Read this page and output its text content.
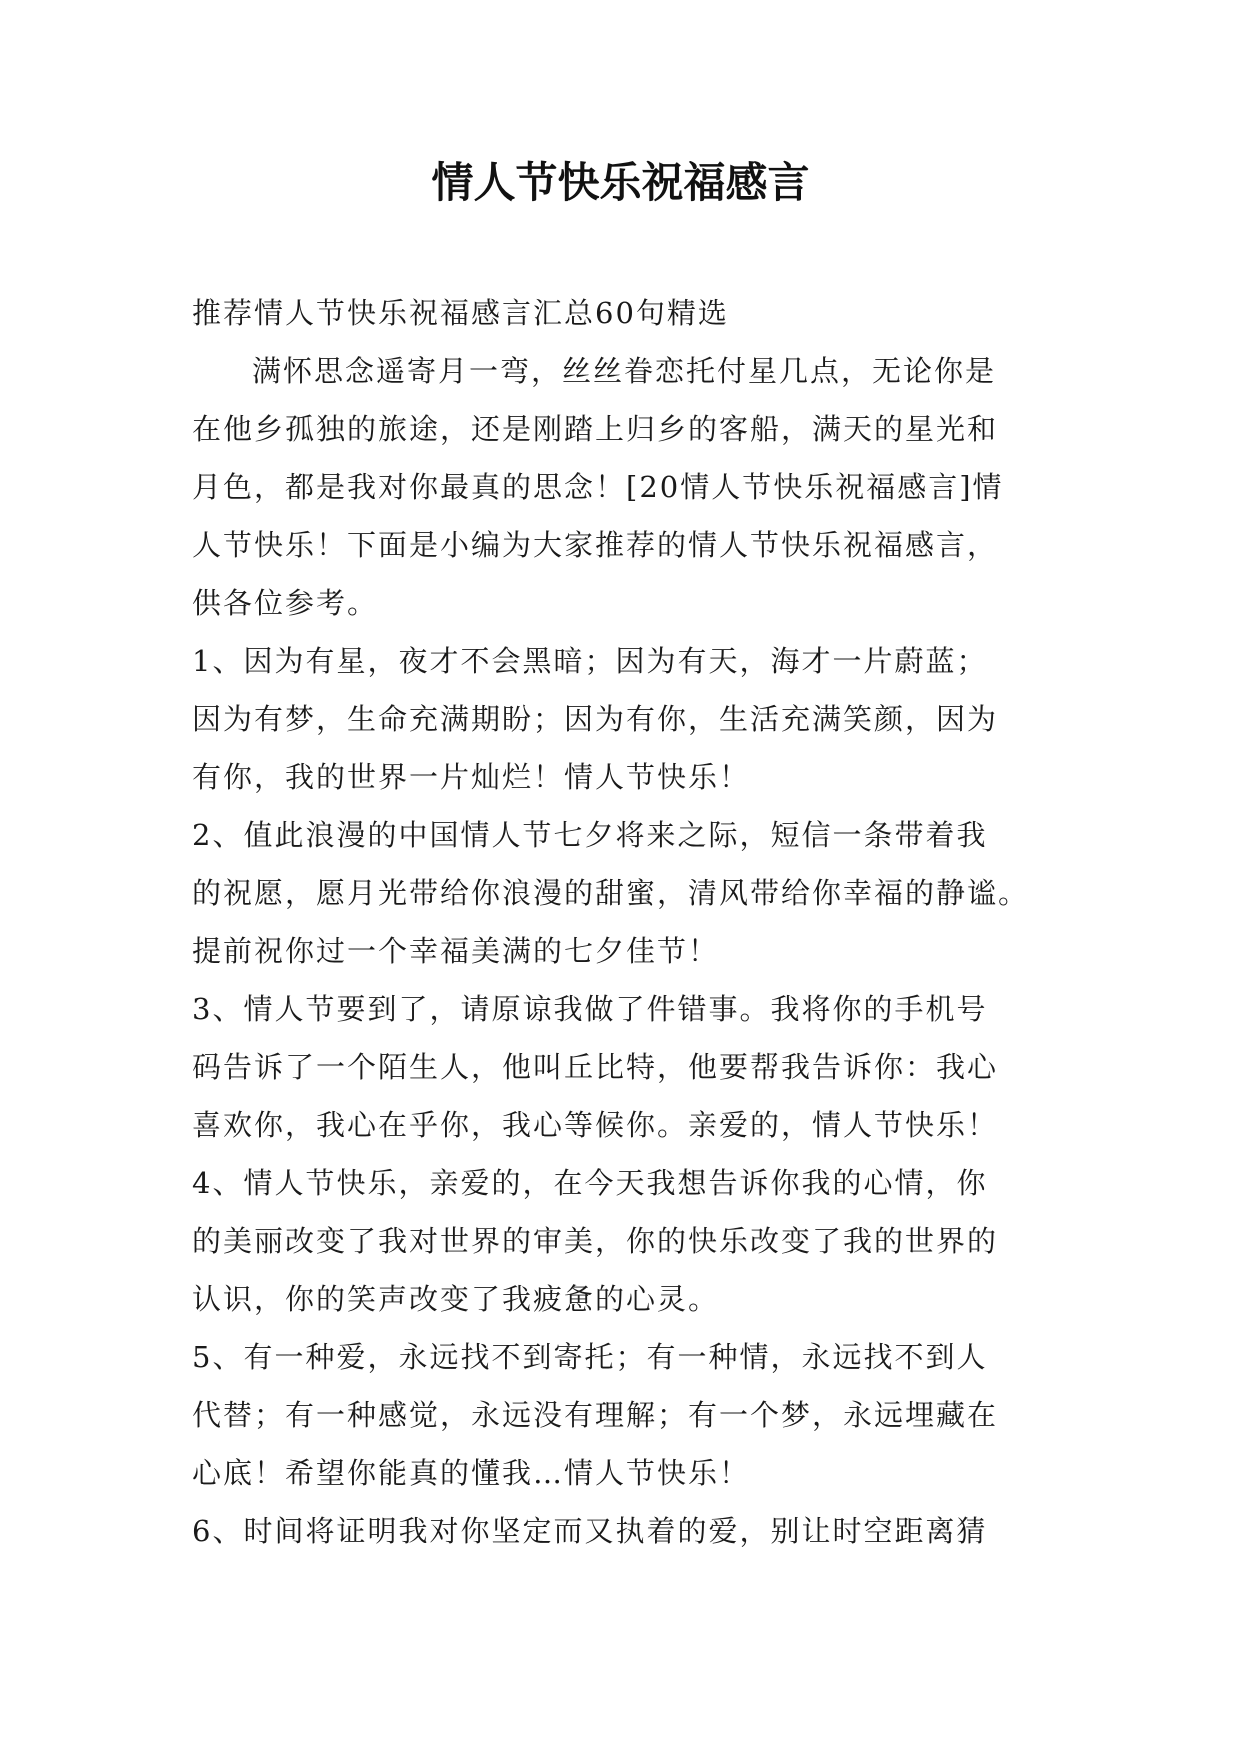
情人节快乐祝福感言
推荐情人节快乐祝福感言汇总60句精选
满怀思念遥寄月一弯，丝丝眷恋托付星几点，无论你是
在他乡孤独的旅途，还是刚踏上归乡的客船，满天的星光和
月色，都是我对你最真的思念！[20情人节快乐祝福感言]情
人节快乐！下面是小编为大家推荐的情人节快乐祝福感言，
供各位参考。
1、因为有星，夜才不会黑暗；因为有天，海才一片蔚蓝；
因为有梦，生命充满期盼；因为有你，生活充满笑颜，因为
有你，我的世界一片灿烂！情人节快乐！
2、值此浪漫的中国情人节七夕将来之际，短信一条带着我
的祝愿，愿月光带给你浪漫的甜蜜，清风带给你幸福的静谧。
提前祝你过一个幸福美满的七夕佳节！
3、情人节要到了，请原谅我做了件错事。我将你的手机号
码告诉了一个陌生人，他叫丘比特，他要帮我告诉你：我心
喜欢你，我心在乎你，我心等候你。亲爱的，情人节快乐！
4、情人节快乐，亲爱的，在今天我想告诉你我的心情，你
的美丽改变了我对世界的审美，你的快乐改变了我的世界的
认识，你的笑声改变了我疲惫的心灵。
5、有一种爱，永远找不到寄托；有一种情，永远找不到人
代替；有一种感觉，永远没有理解；有一个梦，永远埋藏在
心底！希望你能真的懂我…情人节快乐！
6、时间将证明我对你坚定而又执着的爱，别让时空距离猜
